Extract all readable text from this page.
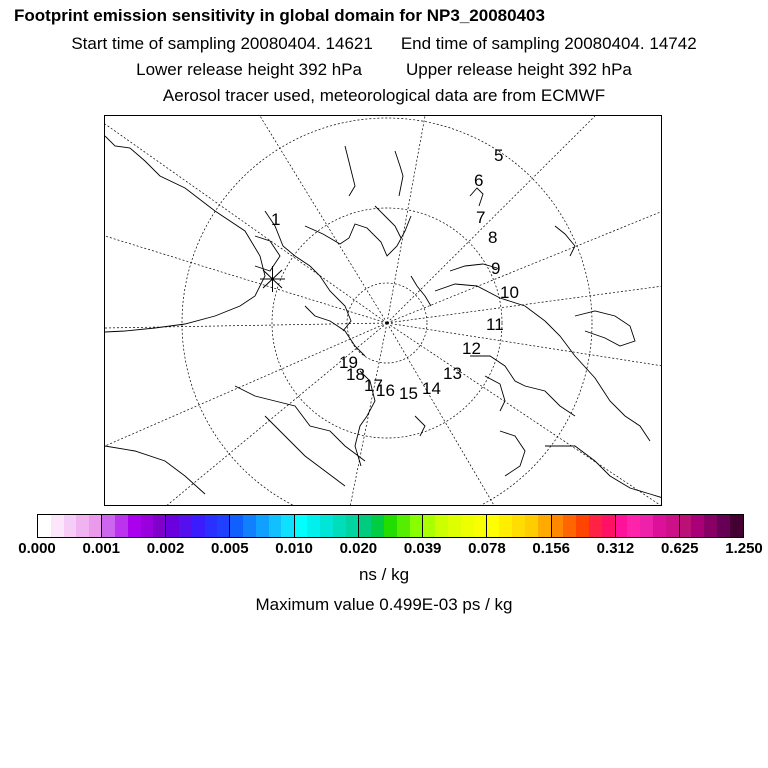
Footprint emission sensitivity in global domain for NP3_20080403
Start time of sampling 20080404. 14621 End time of sampling 20080404. 14742
Lower release height 392 hPa	Upper release height 392 hPa
Aerosol tracer used, meteorological data are from ECMWF
1
5
6
7
8
9
10
11
12
13
14
15
16
17
18
19
0.000 0.001 0.002 0.005 0.010 0.020 0.039 0.078 0.156 0.312 0.625 1.250
ns / kg
Maximum value 0.499E-03 ps / kg
